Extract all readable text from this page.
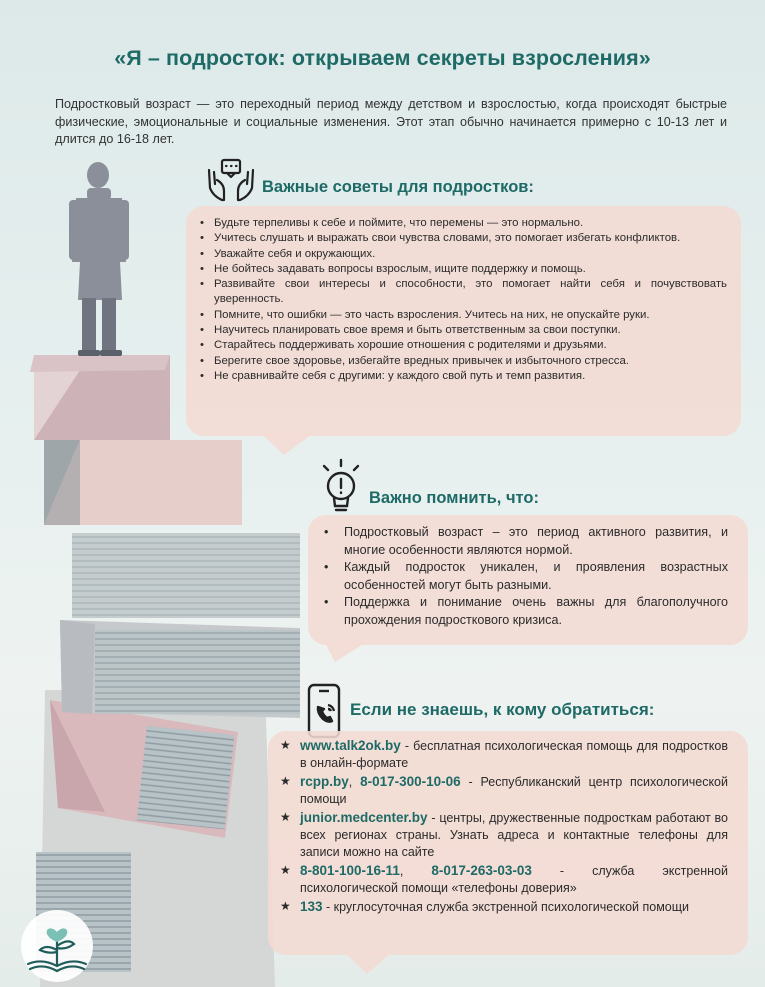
«Я – подросток: открываем секреты взросления»
Подростковый возраст — это переходный период между детством и взрослостью, когда происходят быстрые физические, эмоциональные и социальные изменения. Этот этап обычно начинается примерно с 10-13 лет и длится до 16-18 лет.
Важные советы для подростков:
• Будьте терпеливы к себе и поймите, что перемены — это нормально.
• Учитесь слушать и выражать свои чувства словами, это помогает избегать конфликтов.
• Уважайте себя и окружающих.
• Не бойтесь задавать вопросы взрослым, ищите поддержку и помощь.
• Развивайте свои интересы и способности, это помогает найти себя и почувствовать уверенность.
• Помните, что ошибки — это часть взросления. Учитесь на них, не опускайте руки.
• Научитесь планировать свое время и быть ответственным за свои поступки.
• Старайтесь поддерживать хорошие отношения с родителями и друзьями.
• Берегите свое здоровье, избегайте вредных привычек и избыточного стресса.
• Не сравнивайте себя с другими: у каждого свой путь и темп развития.
Важно помнить, что:
• Подростковый возраст – это период активного развития, и многие особенности являются нормой.
• Каждый подросток уникален, и проявления возрастных особенностей могут быть разными.
• Поддержка и понимание очень важны для благополучного прохождения подросткового кризиса.
Если не знаешь, к кому обратиться:
★ www.talk2ok.by - бесплатная психологическая помощь для подростков в онлайн-формате
★ rcpp.by, 8-017-300-10-06 - Республиканский центр психологической помощи
★ junior.medcenter.by - центры, дружественные подросткам работают во всех регионах страны. Узнать адреса и контактные телефоны для записи можно на сайте
★ 8-801-100-16-11, 8-017-263-03-03 - служба экстренной психологической помощи «телефоны доверия»
★ 133 - круглосуточная служба экстренной психологической помощи
